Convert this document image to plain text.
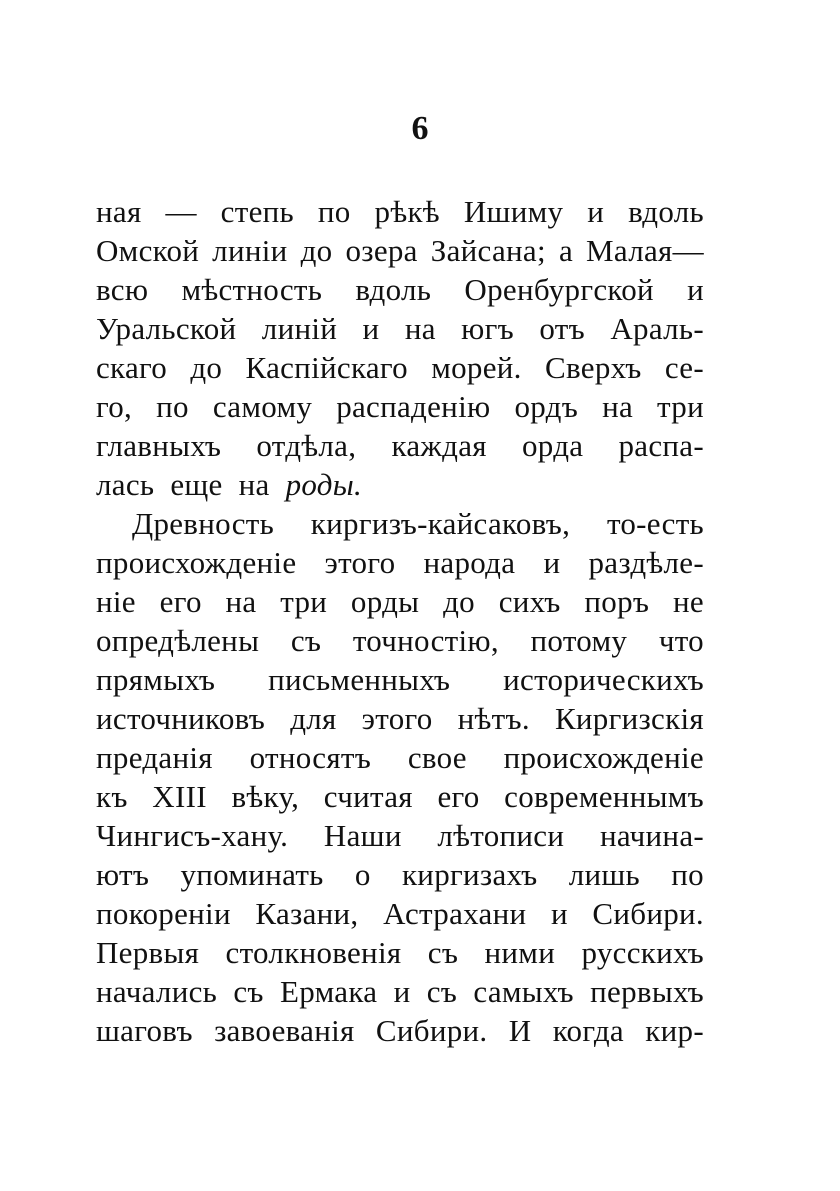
6
ная — степь по рѣкѣ Ишиму и вдоль
Омской линіи до озера Зайсана; а Малая—
всю мѣстность вдоль Оренбургской и
Уральской линій и на югъ отъ Араль-
скаго до Каспійскаго морей. Сверхъ се-
го, по самому распаденію ордъ на три
главныхъ отдѣла, каждая орда распа-
лась еще на роды.
Древность киргизъ-кайсаковъ, то-есть
происхожденіе этого народа и раздѣле-
ніе его на три орды до сихъ поръ не
опредѣлены съ точностію, потому что
прямыхъ письменныхъ историческихъ
источниковъ для этого нѣтъ. Киргизскія
преданія относятъ свое происхожденіе
къ XIII вѣку, считая его современнымъ
Чингисъ-хану. Наши лѣтописи начина-
ютъ упоминать о киргизахъ лишь по
покореніи Казани, Астрахани и Сибири.
Первыя столкновенія съ ними русскихъ
начались съ Ермака и съ самыхъ первыхъ
шаговъ завоеванія Сибири. И когда кир-
